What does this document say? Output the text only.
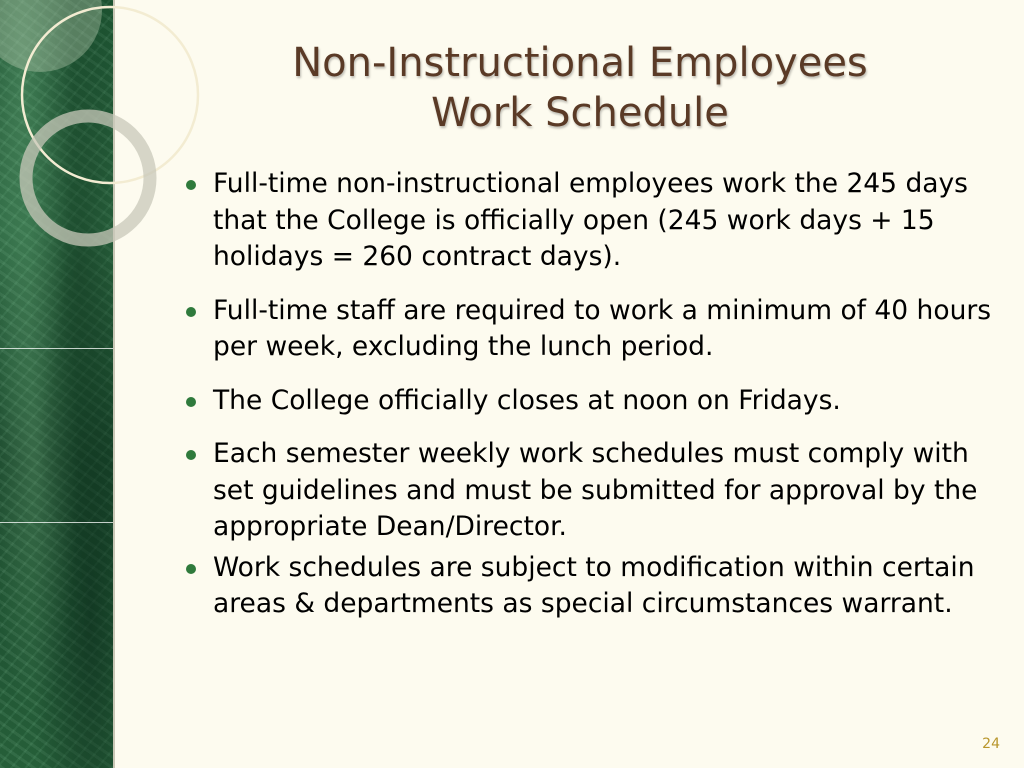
Non-Instructional Employees
Work Schedule
Full-time non-instructional employees work the 245 days that the College is officially open (245 work days + 15 holidays = 260 contract days).
Full-time staff are required to work a minimum of 40 hours per week, excluding the lunch period.
The College officially closes at noon on Fridays.
Each semester weekly work schedules must comply with set guidelines and must be submitted for approval by the appropriate Dean/Director.
Work schedules are subject to modification within certain areas & departments as special circumstances warrant.
24
